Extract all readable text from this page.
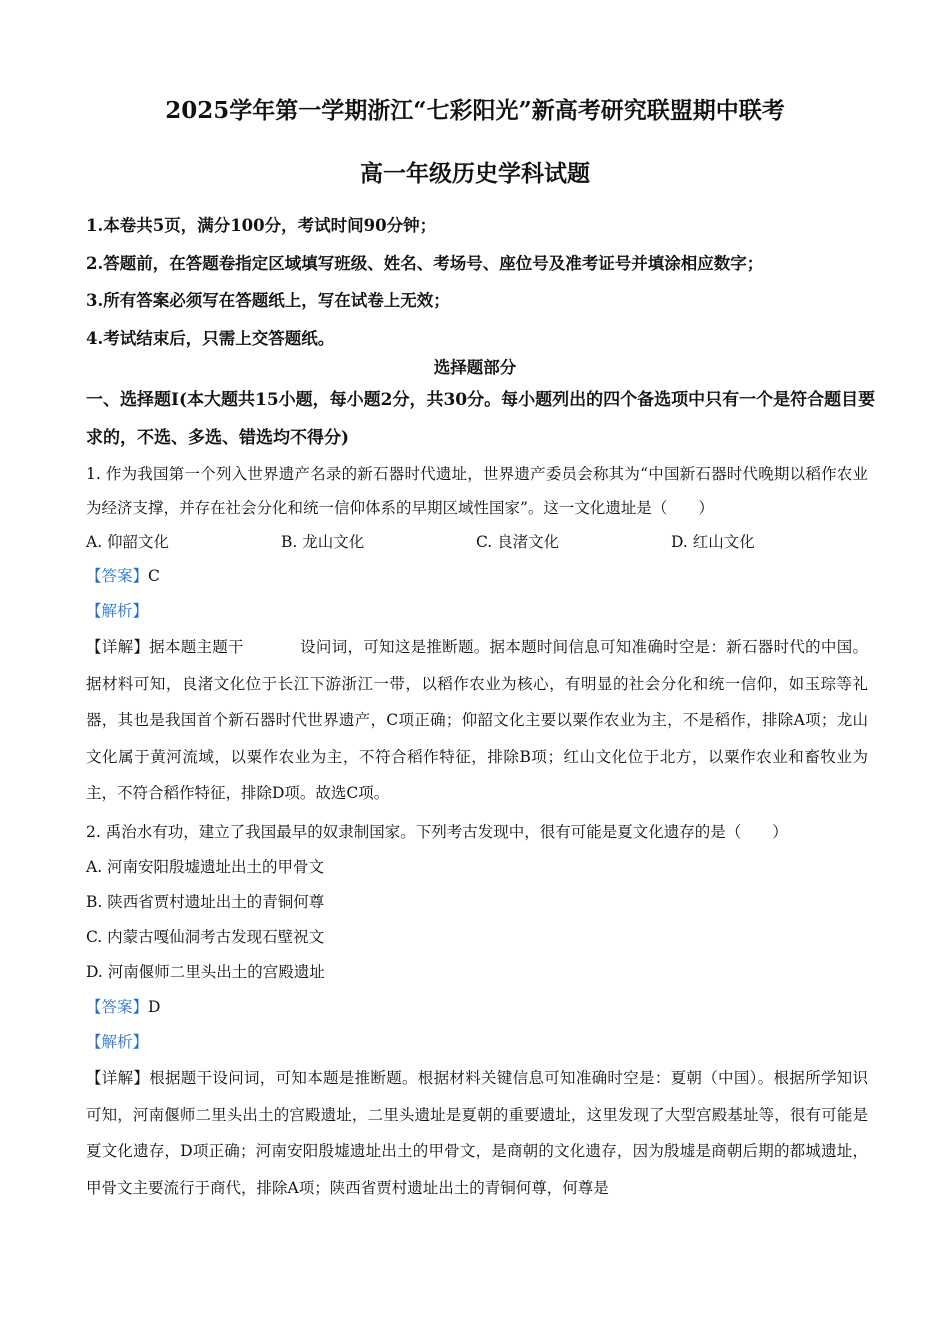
2025学年第一学期浙江“七彩阳光”新高考研究联盟期中联考
高一年级历史学科试题
1.本卷共5页，满分100分，考试时间90分钟；
2.答题前，在答题卷指定区域填写班级、姓名、考场号、座位号及准考证号并填涂相应数字；
3.所有答案必须写在答题纸上，写在试卷上无效；
4.考试结束后，只需上交答题纸。
选择题部分
一、选择题Ⅰ(本大题共15小题，每小题2分，共30分。每小题列出的四个备选项中只有一个是符合题目要求的，不选、多选、错选均不得分)
1. 作为我国第一个列入世界遗产名录的新石器时代遗址，世界遗产委员会称其为“中国新石器时代晚期以稻作农业为经济支撑，并存在社会分化和统一信仰体系的早期区域性国家”。这一文化遗址是（　　）
A. 仰韶文化	B. 龙山文化	C. 良渚文化	D. 红山文化
【答案】C
【解析】
【详解】据本题主题干	设问词，可知这是推断题。据本题时间信息可知准确时空是：新石器时代的中国。据材料可知，良渚文化位于长江下游浙江一带，以稻作农业为核心，有明显的社会分化和统一信仰，如玉琮等礼器，其也是我国首个新石器时代世界遗产，C项正确；仰韶文化主要以粟作农业为主，不是稻作，排除A项；龙山文化属于黄河流域，以粟作农业为主，不符合稻作特征，排除B项；红山文化位于北方，以粟作农业和畜牧业为主，不符合稻作特征，排除D项。故选C项。
2. 禹治水有功，建立了我国最早的奴隶制国家。下列考古发现中，很有可能是夏文化遗存的是（　　）
A. 河南安阳殷墟遗址出土的甲骨文
B. 陕西省贾村遗址出土的青铜何尊
C. 内蒙古嘎仙洞考古发现石壁祝文
D. 河南偃师二里头出土的宫殿遗址
【答案】D
【解析】
【详解】根据题干设问词，可知本题是推断题。根据材料关键信息可知准确时空是：夏朝（中国）。根据所学知识可知，河南偃师二里头出土的宫殿遗址，二里头遗址是夏朝的重要遗址，这里发现了大型宫殿基址等，很有可能是夏文化遗存，D项正确；河南安阳殷墟遗址出土的甲骨文，是商朝的文化遗存，因为殷墟是商朝后期的都城遗址，甲骨文主要流行于商代，排除A项；陕西省贾村遗址出土的青铜何尊，何尊是
